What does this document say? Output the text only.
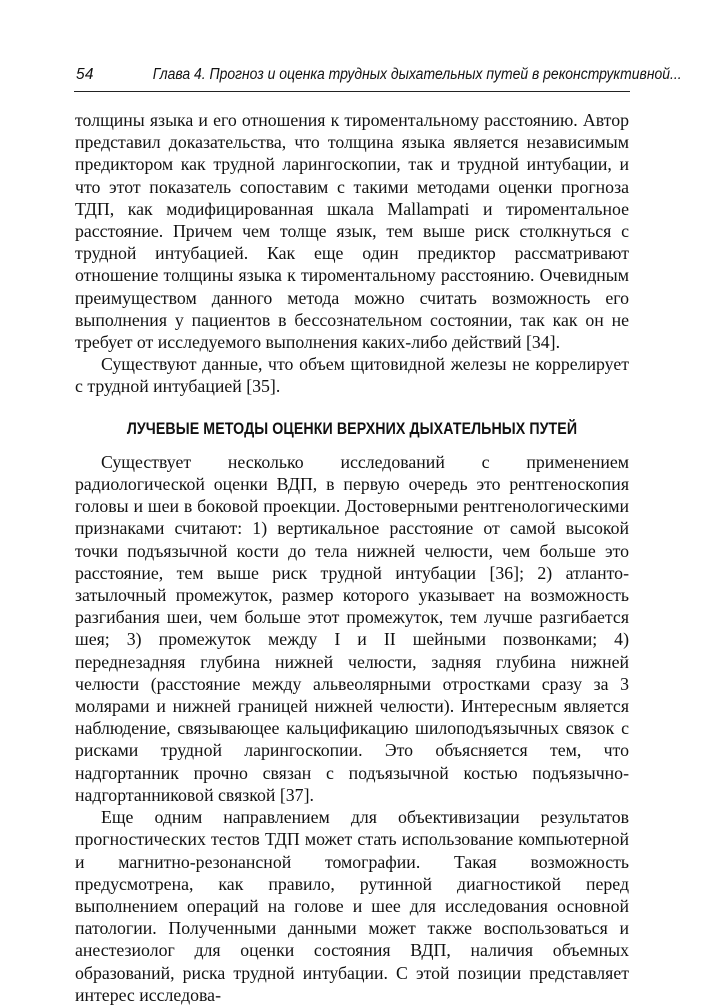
54	Глава 4. Прогноз и оценка трудных дыхательных путей в реконструктивной...

толщины языка и его отношения к тироментальному расстоянию. Автор представил доказательства, что толщина языка является независимым предиктором как трудной ларингоскопии, так и трудной интубации, и что этот показатель сопоставим с такими методами оценки прогноза ТДП, как модифицированная шкала Mallampati и тироментальное расстояние. Причем чем толще язык, тем выше риск столкнуться с трудной интубацией. Как еще один предиктор рассматривают отношение толщины языка к тироментальному расстоянию. Очевидным преимуществом данного метода можно считать возможность его выполнения у пациентов в бессознательном состоянии, так как он не требует от исследуемого выполнения каких-либо действий [34].

Существуют данные, что объем щитовидной железы не коррелирует с трудной интубацией [35].

ЛУЧЕВЫЕ МЕТОДЫ ОЦЕНКИ ВЕРХНИХ ДЫХАТЕЛЬНЫХ ПУТЕЙ

Существует несколько исследований с применением радиологической оценки ВДП, в первую очередь это рентгеноскопия головы и шеи в боковой проекции. Достоверными рентгенологическими признаками считают: 1) вертикальное расстояние от самой высокой точки подъязычной кости до тела нижней челюсти, чем больше это расстояние, тем выше риск трудной интубации [36]; 2) атланто-затылочный промежуток, размер которого указывает на возможность разгибания шеи, чем больше этот промежуток, тем лучше разгибается шея; 3) промежуток между I и II шейными позвонками; 4) переднезадняя глубина нижней челюсти, задняя глубина нижней челюсти (расстояние между альвеолярными отростками сразу за 3 молярами и нижней границей нижней челюсти). Интересным является наблюдение, связывающее кальцификацию шилоподъязычных связок с рисками трудной ларингоскопии. Это объясняется тем, что надгортанник прочно связан с подъязычной костью подъязычно-надгортанниковой связкой [37].

Еще одним направлением для объективизации результатов прогностических тестов ТДП может стать использование компьютерной и магнитно-резонансной томографии. Такая возможность предусмотрена, как правило, рутинной диагностикой перед выполнением операций на голове и шее для исследования основной патологии. Полученными данными может также воспользоваться и анестезиолог для оценки состояния ВДП, наличия объемных образований, риска трудной интубации. С этой позиции представляет интерес исследова-
